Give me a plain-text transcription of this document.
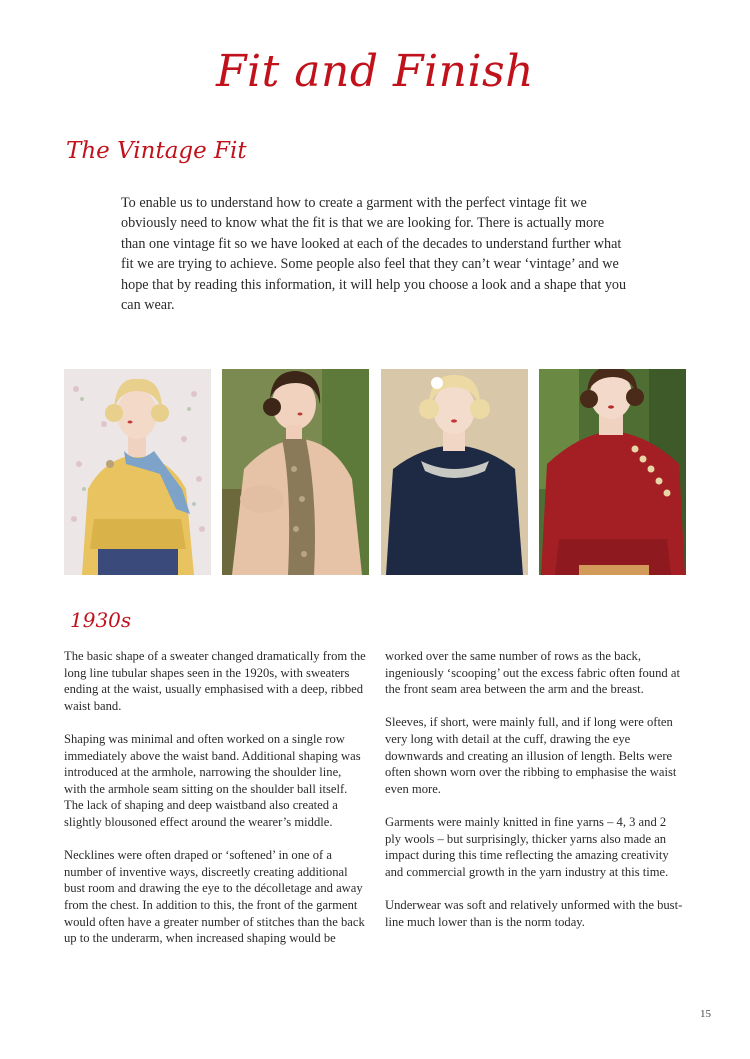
Fit and Finish
The Vintage Fit

To enable us to understand how to create a garment with the perfect vintage fit we obviously need to know what the fit is that we are looking for. There is actually more than one vintage fit so we have looked at each of the decades to understand further what fit we are trying to achieve. Some people also feel that they can’t wear ‘vintage’ and we hope that by reading this information, it will help you choose a look and a shape that you can wear.

1930s

The basic shape of a sweater changed dramatically from the long line tubular shapes seen in the 1920s, with sweaters ending at the waist, usually emphasised with a deep, ribbed waist band.

Shaping was minimal and often worked on a single row immediately above the waist band. Additional shaping was introduced at the armhole, narrowing the shoulder line, with the armhole seam sitting on the shoulder ball itself. The lack of shaping and deep waistband also created a slightly blousoned effect around the wearer’s middle.

Necklines were often draped or ‘softened’ in one of a number of inventive ways, discreetly creating additional bust room and drawing the eye to the décolletage and away from the chest. In addition to this, the front of the garment would often have a greater number of stitches than the back up to the underarm, when increased shaping would be

worked over the same number of rows as the back, ingeniously ‘scooping’ out the excess fabric often found at the front seam area between the arm and the breast.

Sleeves, if short, were mainly full, and if long were often very long with detail at the cuff, drawing the eye downwards and creating an illusion of length. Belts were often shown worn over the ribbing to emphasise the waist even more.

Garments were mainly knitted in fine yarns – 4, 3 and 2 ply wools – but surprisingly, thicker yarns also made an impact during this time reflecting the amazing creativity and commercial growth in the yarn industry at this time.

Underwear was soft and relatively unformed with the bust-line much lower than is the norm today.

15
